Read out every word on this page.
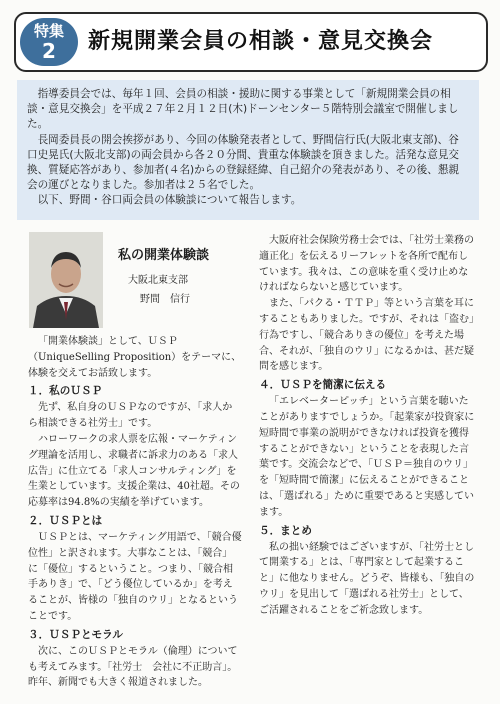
特集
2	新規開業会員の相談・意見交換会

指導委員会では、毎年１回、会員の相談・援助に関する事業として「新規開業会員の相談・意見交換会」を平成２７年２月１２日(木)ドーンセンター５階特別会議室で開催しました。

長岡委員長の開会挨拶があり、今回の体験発表者として、野間信行氏(大阪北東支部)、谷口史晃氏(大阪北支部)の両会員から各２０分間、貴重な体験談を頂きました。活発な意見交換、質疑応答があり、参加者(４名)からの登録経緯、自己紹介の発表があり、その後、懇親会の運びとなりました。参加者は２５名でした。

以下、野間・谷口両会員の体験談について報告します。

私の開業体験談
大阪北東支部
野間　信行

「開業体験談」として、ＵＳＰ（UniqueSelling Proposition）をテーマに、体験を交えてお話致します。

１．私のＵＳＰ

先ず、私自身のＵＳＰなのですが、「求人から相談できる社労士」です。

ハローワークの求人票を広報・マーケティング理論を活用し、求職者に訴求力のある「求人広告」に仕立てる「求人コンサルティング」を生業としています。支援企業は、40社超。その応募率は94.8%の実績を挙げています。

２．ＵＳＰとは

ＵＳＰとは、マーケティング用語で、「競合優位性」と訳されます。大事なことは、「競合」に「優位」するということ。つまり、「競合相手ありき」で、「どう優位しているか」を考えることが、皆様の「独自のウリ」となるということです。

３．ＵＳＰとモラル

次に、このＵＳＰとモラル（倫理）についても考えてみます。「社労士　会社に不正助言」。昨年、新聞でも大きく報道されました。

大阪府社会保険労務士会では、「社労士業務の適正化」を伝えるリーフレットを各所で配布しています。我々は、この意味を重く受け止めなければならないと感じています。

また、「パクる・ＴＴＰ」等という言葉を耳にすることもありました。ですが、それは「盗む」行為ですし、「競合ありきの優位」を考えた場合、それが、「独自のウリ」になるかは、甚だ疑問を感じます。

４．ＵＳＰを簡潔に伝える

「エレベーターピッチ」という言葉を聴いたことがありますでしょうか。「起業家が投資家に短時間で事業の説明ができなければ投資を獲得することができない」ということを表現した言葉です。交流会などで、「ＵＳＰ＝独自のウリ」を「短時間で簡潔」に伝えることができることは、「選ばれる」ために重要であると実感しています。

５．まとめ

私の拙い経験ではございますが、「社労士として開業する」とは、「専門家として起業すること」に他なりません。どうぞ、皆様も、「独自のウリ」を見出して「選ばれる社労士」として、ご活躍されることをご祈念致します。
